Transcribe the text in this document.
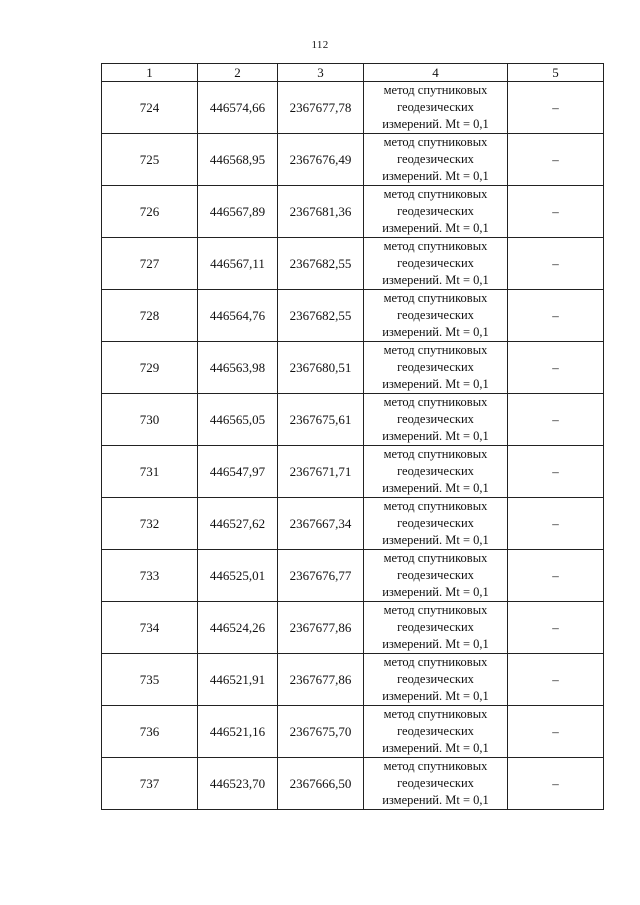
112
1	2	3	4	5
724	446574,66	2367677,78	метод спутниковых
геодезических
измерений. Mt = 0,1	–
725	446568,95	2367676,49	метод спутниковых
геодезических
измерений. Mt = 0,1	–
726	446567,89	2367681,36	метод спутниковых
геодезических
измерений. Mt = 0,1	–
727	446567,11	2367682,55	метод спутниковых
геодезических
измерений. Mt = 0,1	–
728	446564,76	2367682,55	метод спутниковых
геодезических
измерений. Mt = 0,1	–
729	446563,98	2367680,51	метод спутниковых
геодезических
измерений. Mt = 0,1	–
730	446565,05	2367675,61	метод спутниковых
геодезических
измерений. Mt = 0,1	–
731	446547,97	2367671,71	метод спутниковых
геодезических
измерений. Mt = 0,1	–
732	446527,62	2367667,34	метод спутниковых
геодезических
измерений. Mt = 0,1	–
733	446525,01	2367676,77	метод спутниковых
геодезических
измерений. Mt = 0,1	–
734	446524,26	2367677,86	метод спутниковых
геодезических
измерений. Mt = 0,1	–
735	446521,91	2367677,86	метод спутниковых
геодезических
измерений. Mt = 0,1	–
736	446521,16	2367675,70	метод спутниковых
геодезических
измерений. Mt = 0,1	–
737	446523,70	2367666,50	метод спутниковых
геодезических
измерений. Mt = 0,1	–
